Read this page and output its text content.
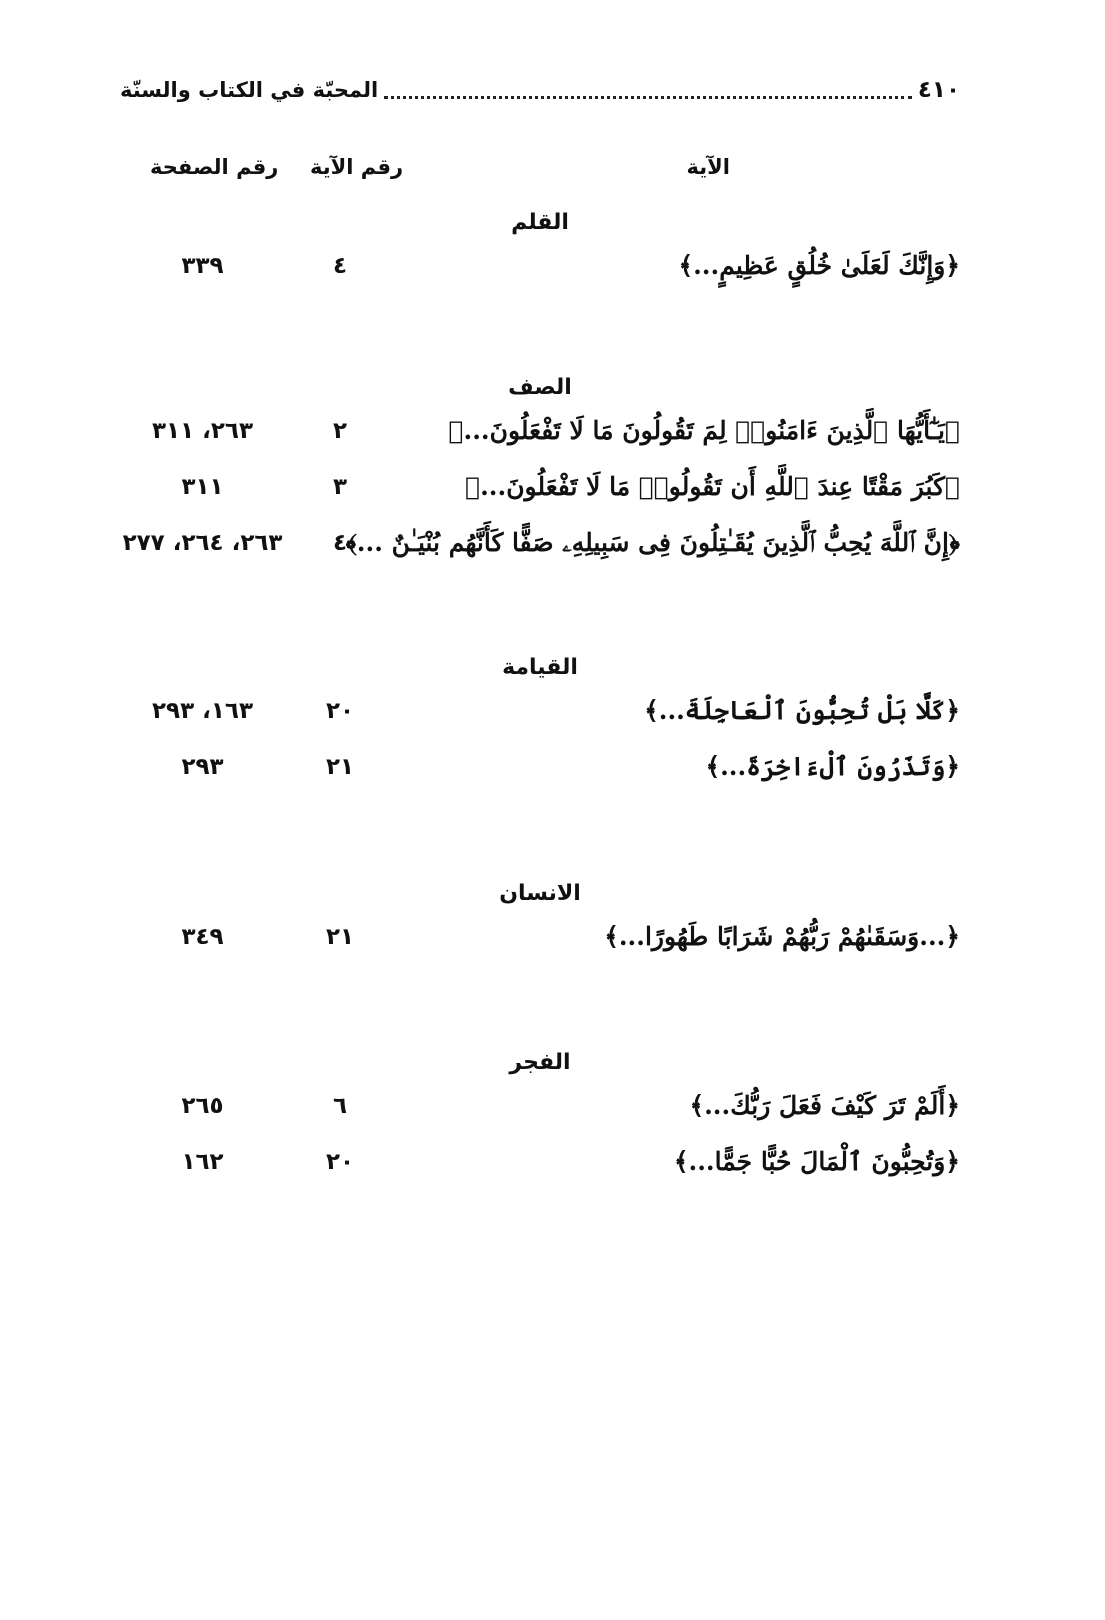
٤١٠
المحبّة في الكتاب والسنّة
الآية
رقم الآية
رقم الصفحة
القلم
﴿وَإِنَّكَ لَعَلَىٰ خُلُقٍ عَظِيمٍ...﴾
٤
٣٣٩
الصف
﴿يَـٰٓأَيُّهَا ٱلَّذِينَ ءَامَنُوا۟ لِمَ تَقُولُونَ مَا لَا تَفْعَلُونَ...﴾
٢
٢٦٣، ٣١١
﴿كَبُرَ مَقْتًا عِندَ ٱللَّهِ أَن تَقُولُوا۟ مَا لَا تَفْعَلُونَ...﴾
٣
٣١١
﴿إِنَّ ٱللَّهَ يُحِبُّ ٱلَّذِينَ يُقَـٰتِلُونَ فِى سَبِيلِهِۦ صَفًّا كَأَنَّهُم بُنْيَـٰنٌ ...﴾
٤
٢٦٣، ٢٦٤، ٢٧٧
القيامة
﴿كَلَّا بَلْ تُحِبُّونَ ٱلْعَاجِلَةَ...﴾
٢٠
١٦٣، ٢٩٣
﴿وَتَذَرُونَ ٱلْءَاخِرَةَ...﴾
٢١
٢٩٣
الانسان
﴿...وَسَقَىٰهُمْ رَبُّهُمْ شَرَابًا طَهُورًا...﴾
٢١
٣٤٩
الفجر
﴿أَلَمْ تَرَ كَيْفَ فَعَلَ رَبُّكَ...﴾
٦
٢٦٥
﴿وَتُحِبُّونَ ٱلْمَالَ حُبًّا جَمًّا...﴾
٢٠
١٦٢
